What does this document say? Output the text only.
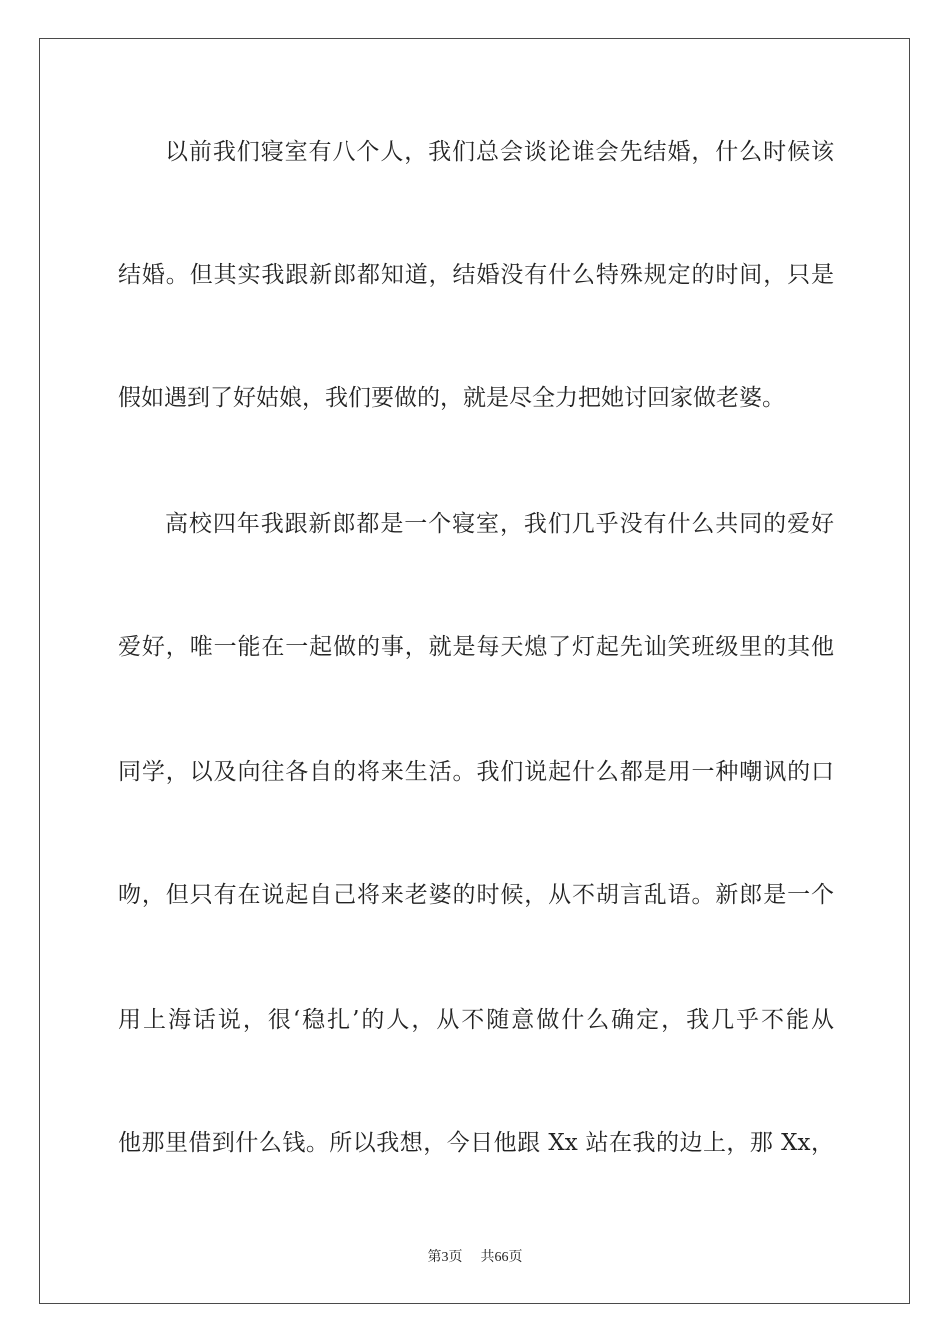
以前我们寝室有八个人，我们总会谈论谁会先结婚，什么时候该
结婚。但其实我跟新郎都知道，结婚没有什么特殊规定的时间，只是
假如遇到了好姑娘，我们要做的，就是尽全力把她讨回家做老婆。
高校四年我跟新郎都是一个寝室，我们几乎没有什么共同的爱好
爱好，唯一能在一起做的事，就是每天熄了灯起先讪笑班级里的其他
同学，以及向往各自的将来生活。我们说起什么都是用一种嘲讽的口
吻，但只有在说起自己将来老婆的时候，从不胡言乱语。新郎是一个
用上海话说，很‘稳扎’的人，从不随意做什么确定，我几乎不能从
他那里借到什么钱。所以我想，今日他跟 Xx 站在我的边上，那 Xx，
第3页 共66页
